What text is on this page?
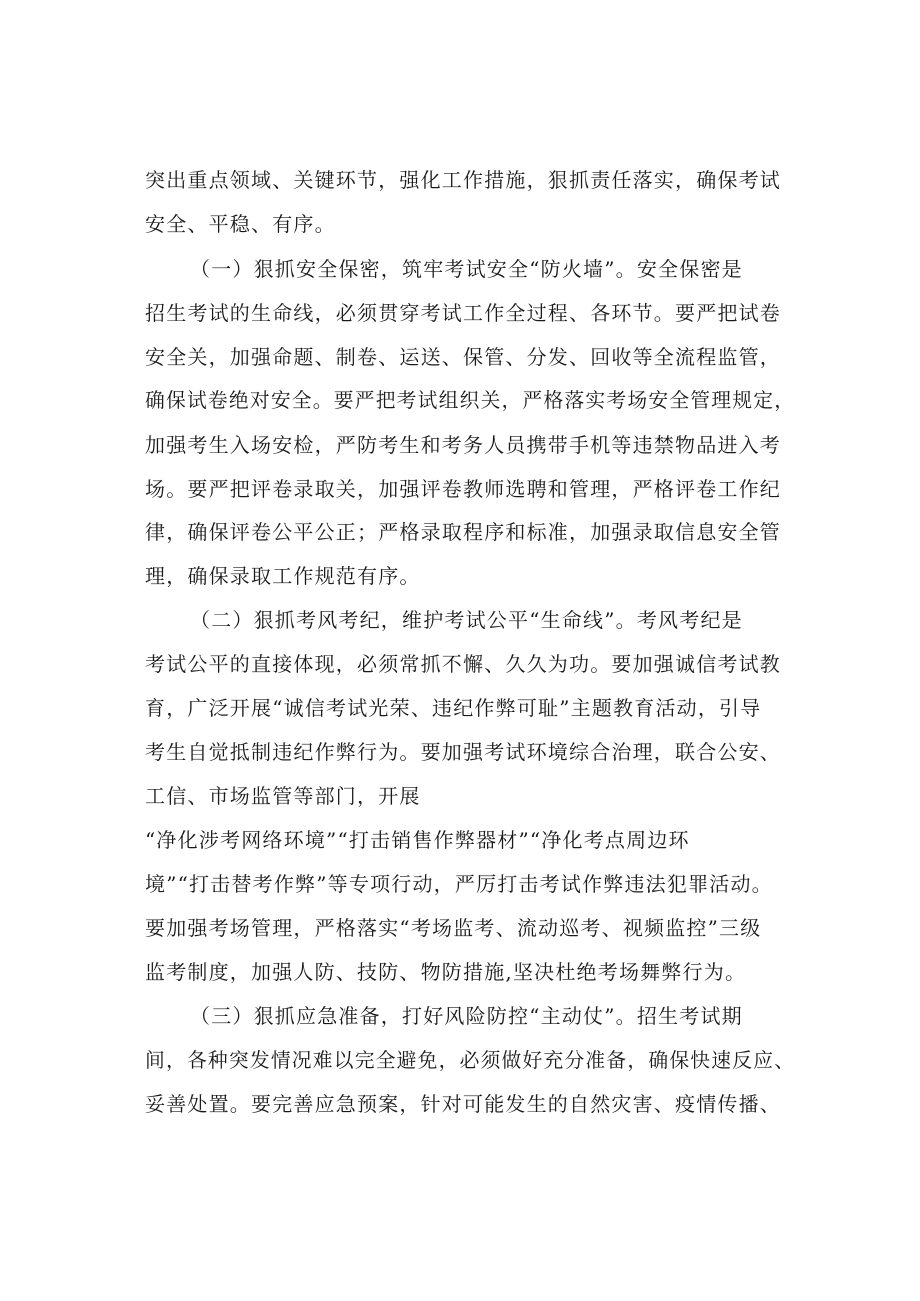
突出重点领域、关键环节，强化工作措施，狠抓责任落实，确保考试
安全、平稳、有序。
（一）狠抓安全保密，筑牢考试安全“防火墙”。安全保密是
招生考试的生命线，必须贯穿考试工作全过程、各环节。要严把试卷
安全关，加强命题、制卷、运送、保管、分发、回收等全流程监管，
确保试卷绝对安全。要严把考试组织关，严格落实考场安全管理规定，
加强考生入场安检，严防考生和考务人员携带手机等违禁物品进入考
场。要严把评卷录取关，加强评卷教师选聘和管理，严格评卷工作纪
律，确保评卷公平公正；严格录取程序和标准，加强录取信息安全管
理，确保录取工作规范有序。
（二）狠抓考风考纪，维护考试公平“生命线”。考风考纪是
考试公平的直接体现，必须常抓不懈、久久为功。要加强诚信考试教
育，广泛开展“诚信考试光荣、违纪作弊可耻”主题教育活动，引导
考生自觉抵制违纪作弊行为。要加强考试环境综合治理，联合公安、
工信、市场监管等部门，开展
“净化涉考网络环境”“打击销售作弊器材”“净化考点周边环
境”“打击替考作弊”等专项行动，严厉打击考试作弊违法犯罪活动。
要加强考场管理，严格落实“考场监考、流动巡考、视频监控”三级
监考制度，加强人防、技防、物防措施,坚决杜绝考场舞弊行为。
（三）狠抓应急准备，打好风险防控“主动仗”。招生考试期
间，各种突发情况难以完全避免，必须做好充分准备，确保快速反应、
妥善处置。要完善应急预案，针对可能发生的自然灾害、疫情传播、
